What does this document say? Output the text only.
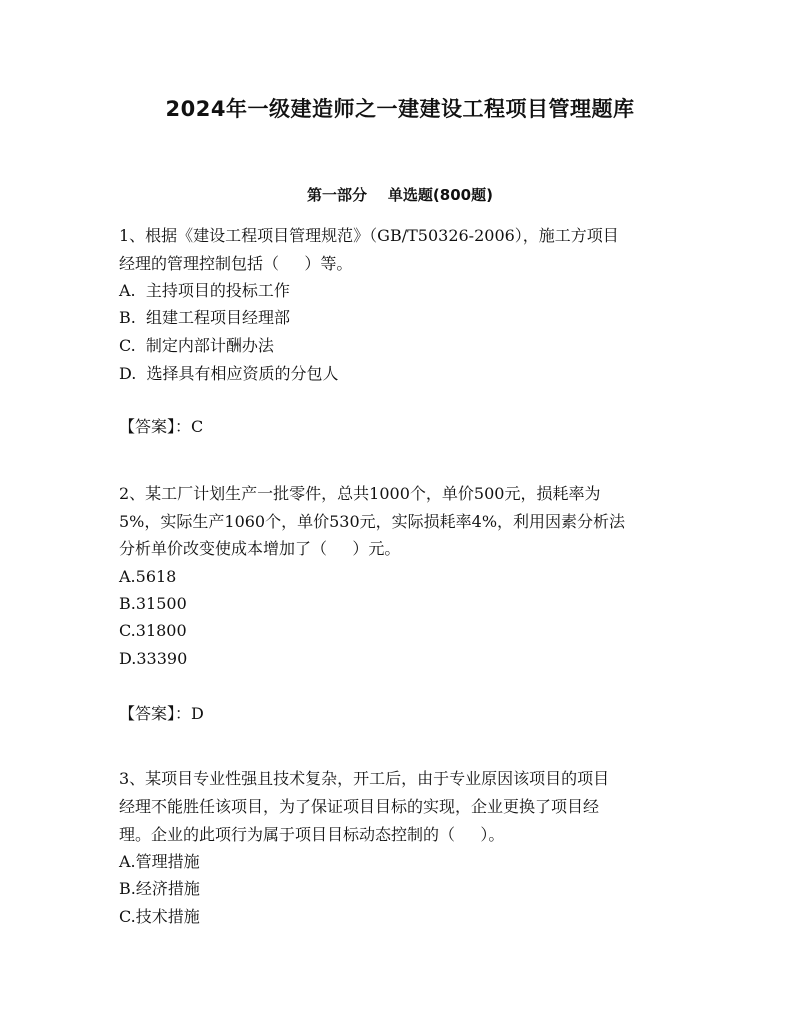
2024年一级建造师之一建建设工程项目管理题库
第一部分    单选题(800题)
1、根据《建设工程项目管理规范》（GB/T50326-2006），施工方项目
经理的管理控制包括（     ）等。
A.  主持项目的投标工作
B.  组建工程项目经理部
C.  制定内部计酬办法
D.  选择具有相应资质的分包人
【答案】：C
2、某工厂计划生产一批零件，总共1000个，单价500元，损耗率为
5%，实际生产1060个，单价530元，实际损耗率4%，利用因素分析法
分析单价改变使成本增加了（     ）元。
A.5618
B.31500
C.31800
D.33390
【答案】：D
3、某项目专业性强且技术复杂，开工后，由于专业原因该项目的项目
经理不能胜任该项目，为了保证项目目标的实现，企业更换了项目经
理。企业的此项行为属于项目目标动态控制的（     ）。
A.管理措施
B.经济措施
C.技术措施
